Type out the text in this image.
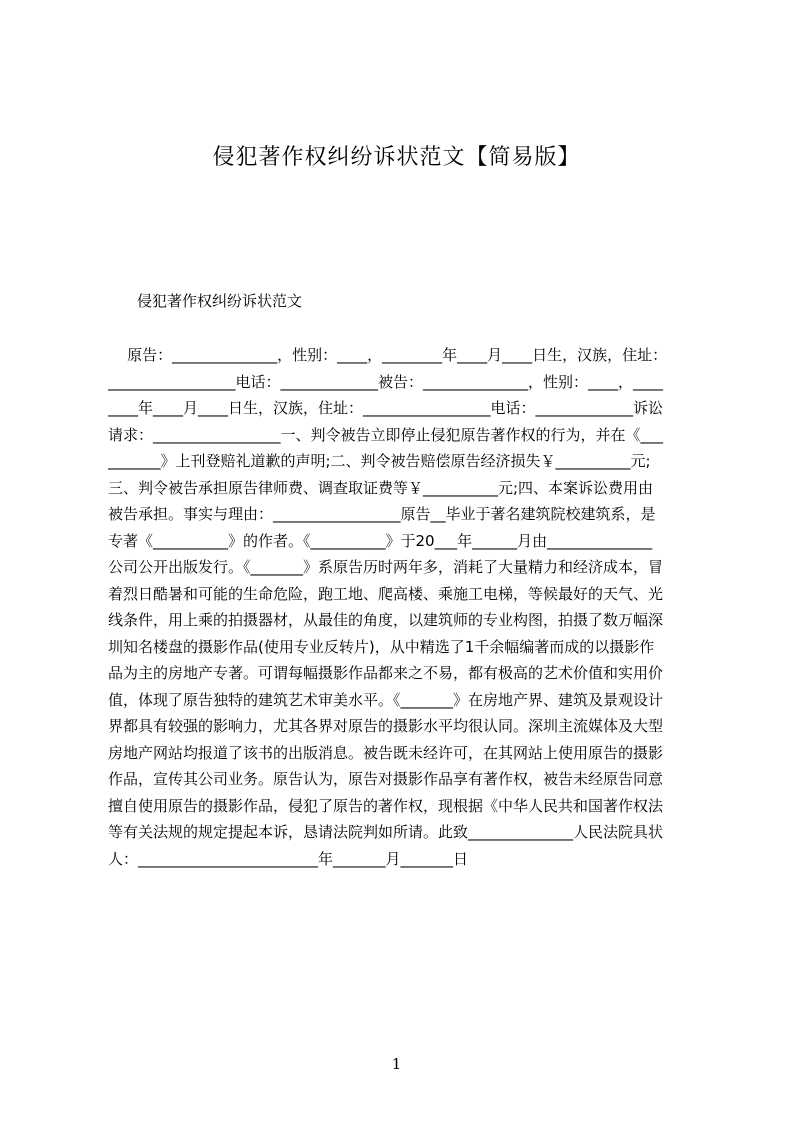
侵犯著作权纠纷诉状范文【简易版】

侵犯著作权纠纷诉状范文

原告：______________，性别：____，________年____月____日生，汉族，住址：
_________________电话：_____________被告：______________，性别：____，____
____年____月____日生，汉族，住址：_________________电话：_____________诉讼
请求：_________________一、判令被告立即停止侵犯原告著作权的行为，并在《___
_______》上刊登赔礼道歉的声明;二、判令被告赔偿原告经济损失￥__________元;
三、判令被告承担原告律师费、调查取证费等￥__________元;四、本案诉讼费用由
被告承担。事实与理由：_________________原告__毕业于著名建筑院校建筑系，是
专著《__________》的作者。《__________》于20___年______月由______________
公司公开出版发行。《_______》系原告历时两年多，消耗了大量精力和经济成本，冒
着烈日酷暑和可能的生命危险，跑工地、爬高楼、乘施工电梯，等候最好的天气、光
线条件，用上乘的拍摄器材，从最佳的角度，以建筑师的专业构图，拍摄了数万幅深
圳知名楼盘的摄影作品(使用专业反转片)，从中精选了1千余幅编著而成的以摄影作
品为主的房地产专著。可谓每幅摄影作品都来之不易，都有极高的艺术价值和实用价
值，体现了原告独特的建筑艺术审美水平。《_______》在房地产界、建筑及景观设计
界都具有较强的影响力，尤其各界对原告的摄影水平均很认同。深圳主流媒体及大型
房地产网站均报道了该书的出版消息。被告既未经许可，在其网站上使用原告的摄影
作品，宣传其公司业务。原告认为，原告对摄影作品享有著作权，被告未经原告同意
擅自使用原告的摄影作品，侵犯了原告的著作权，现根据《中华人民共和国著作权法
等有关法规的规定提起本诉，恳请法院判如所请。此致______________人民法院具状
人：________________________年_______月_______日
1
